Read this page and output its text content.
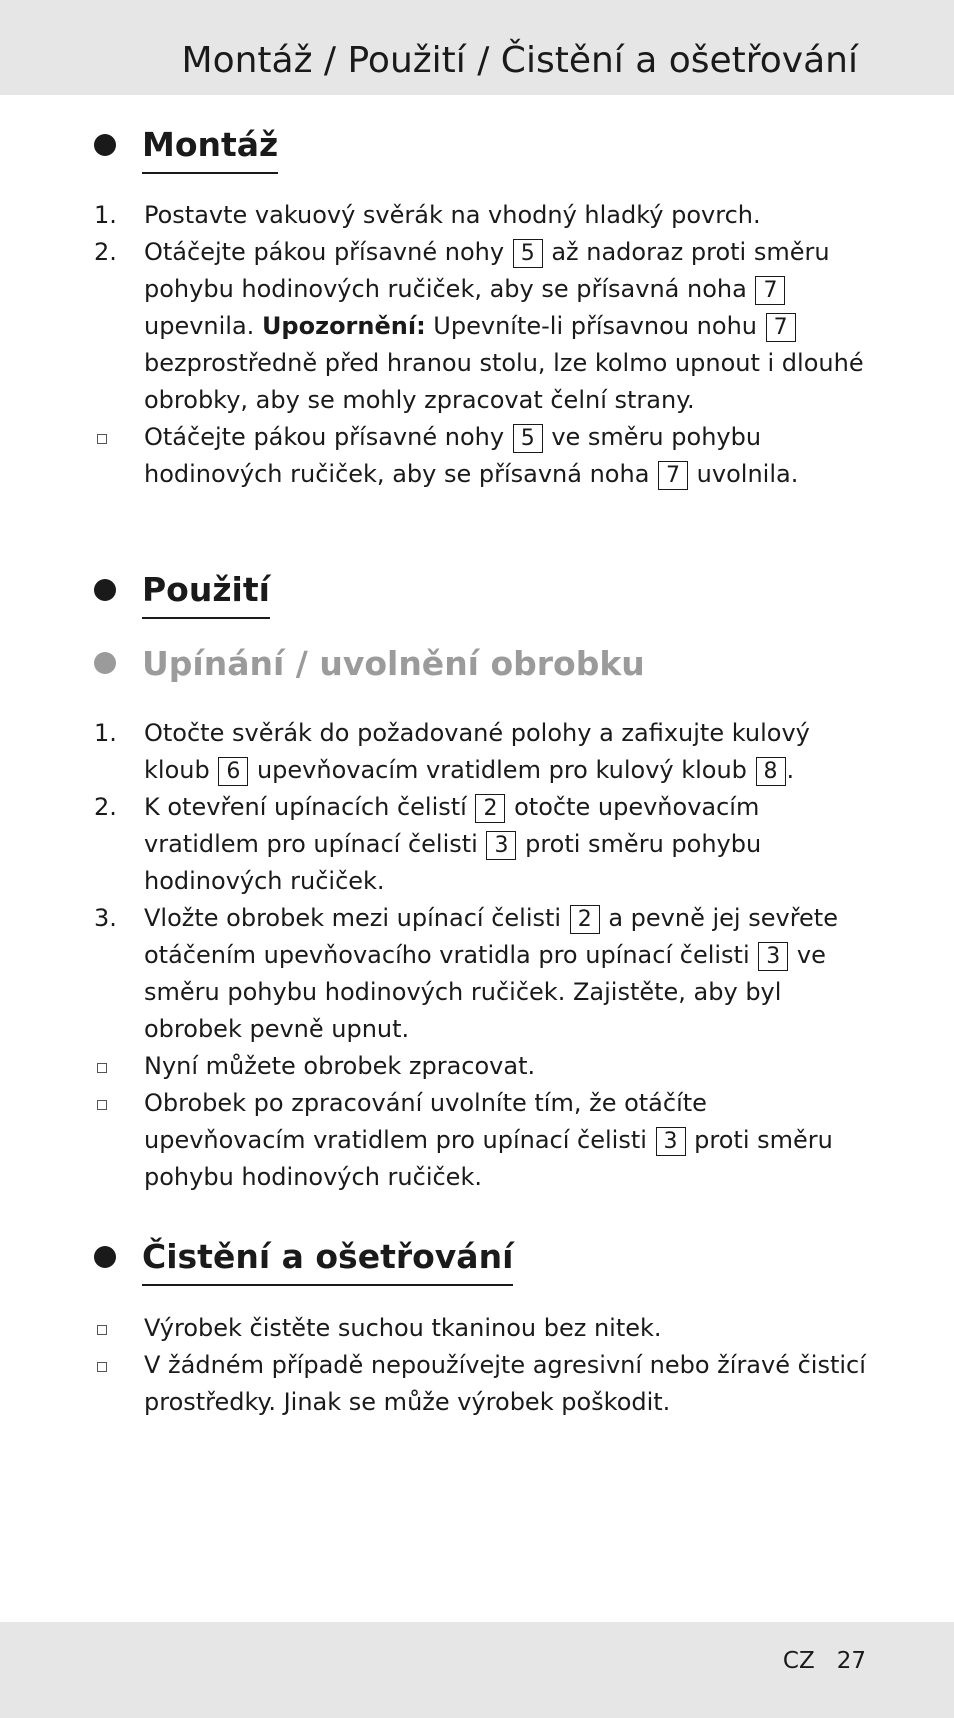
Montáž / Použití / Čistění a ošetřování
Montáž
1. Postavte vakuový svěrák na vhodný hladký povrch.
2. Otáčejte pákou přísavné nohy 5 až nadoraz proti směru pohybu hodinových ručiček, aby se přísavná noha 7 upevnila. Upozornění: Upevníte-li přísavnou nohu 7 bezprostředně před hranou stolu, lze kolmo upnout i dlouhé obrobky, aby se mohly zpracovat čelní strany.
Otáčejte pákou přísavné nohy 5 ve směru pohybu hodinových ručiček, aby se přísavná noha 7 uvolnila.
Použití
Upínání / uvolnění obrobku
1. Otočte svěrák do požadované polohy a zafixujte kulový kloub 6 upevňovacím vratidlem pro kulový kloub 8 .
2. K otevření upínacích čelistí 2 otočte upevňovacím vratidlem pro upínací čelisti 3 proti směru pohybu hodinových ručiček.
3. Vložte obrobek mezi upínací čelisti 2 a pevně jej sevřete otáčením upevňovacího vratidla pro upínací čelisti 3 ve směru pohybu hodinových ručiček. Zajistěte, aby byl obrobek pevně upnut.
Nyní můžete obrobek zpracovat.
Obrobek po zpracování uvolníte tím, že otáčíte upevňovacím vratidlem pro upínací čelisti 3 proti směru pohybu hodinových ručiček.
Čistění a ošetřování
Výrobek čistěte suchou tkaninou bez nitek.
V žádném případě nepoužívejte agresivní nebo žíravé čisticí prostředky. Jinak se může výrobek poškodit.
CZ 27
